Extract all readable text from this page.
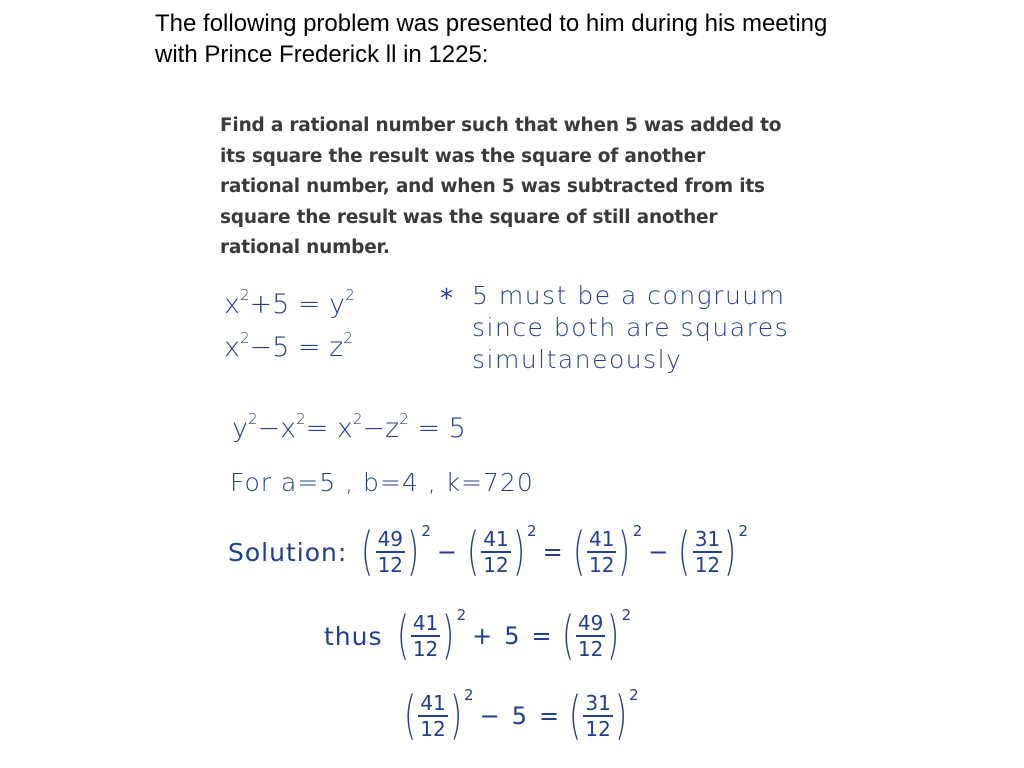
The following problem was presented to him during his meeting
with Prince Frederick ll in 1225:
Find a rational number such that when 5 was added to
its square the result was the square of another
rational number, and when 5 was subtracted from its
square the result was the square of still another
rational number.
$x^2+5 = y^2$
$x^2-5 = z^2$
* 5 must be a congruum
since both are squares
simultaneously
$y^2-x^2= x^2-z^2 = 5$
For a=5 , b=4 , k=720
Solution: ( $\frac{49}{12}$ ) 2
− ( $\frac{41}{12}$ ) 2
= ( $\frac{41}{12}$ ) 2
− ( $\frac{31}{12}$ ) 2
thus ( $\frac{41}{12}$ ) 2
+ 5 = ( $\frac{49}{12}$ ) 2
( $\frac{41}{12}$ ) 2
− 5 = ( $\frac{31}{12}$ ) 2
